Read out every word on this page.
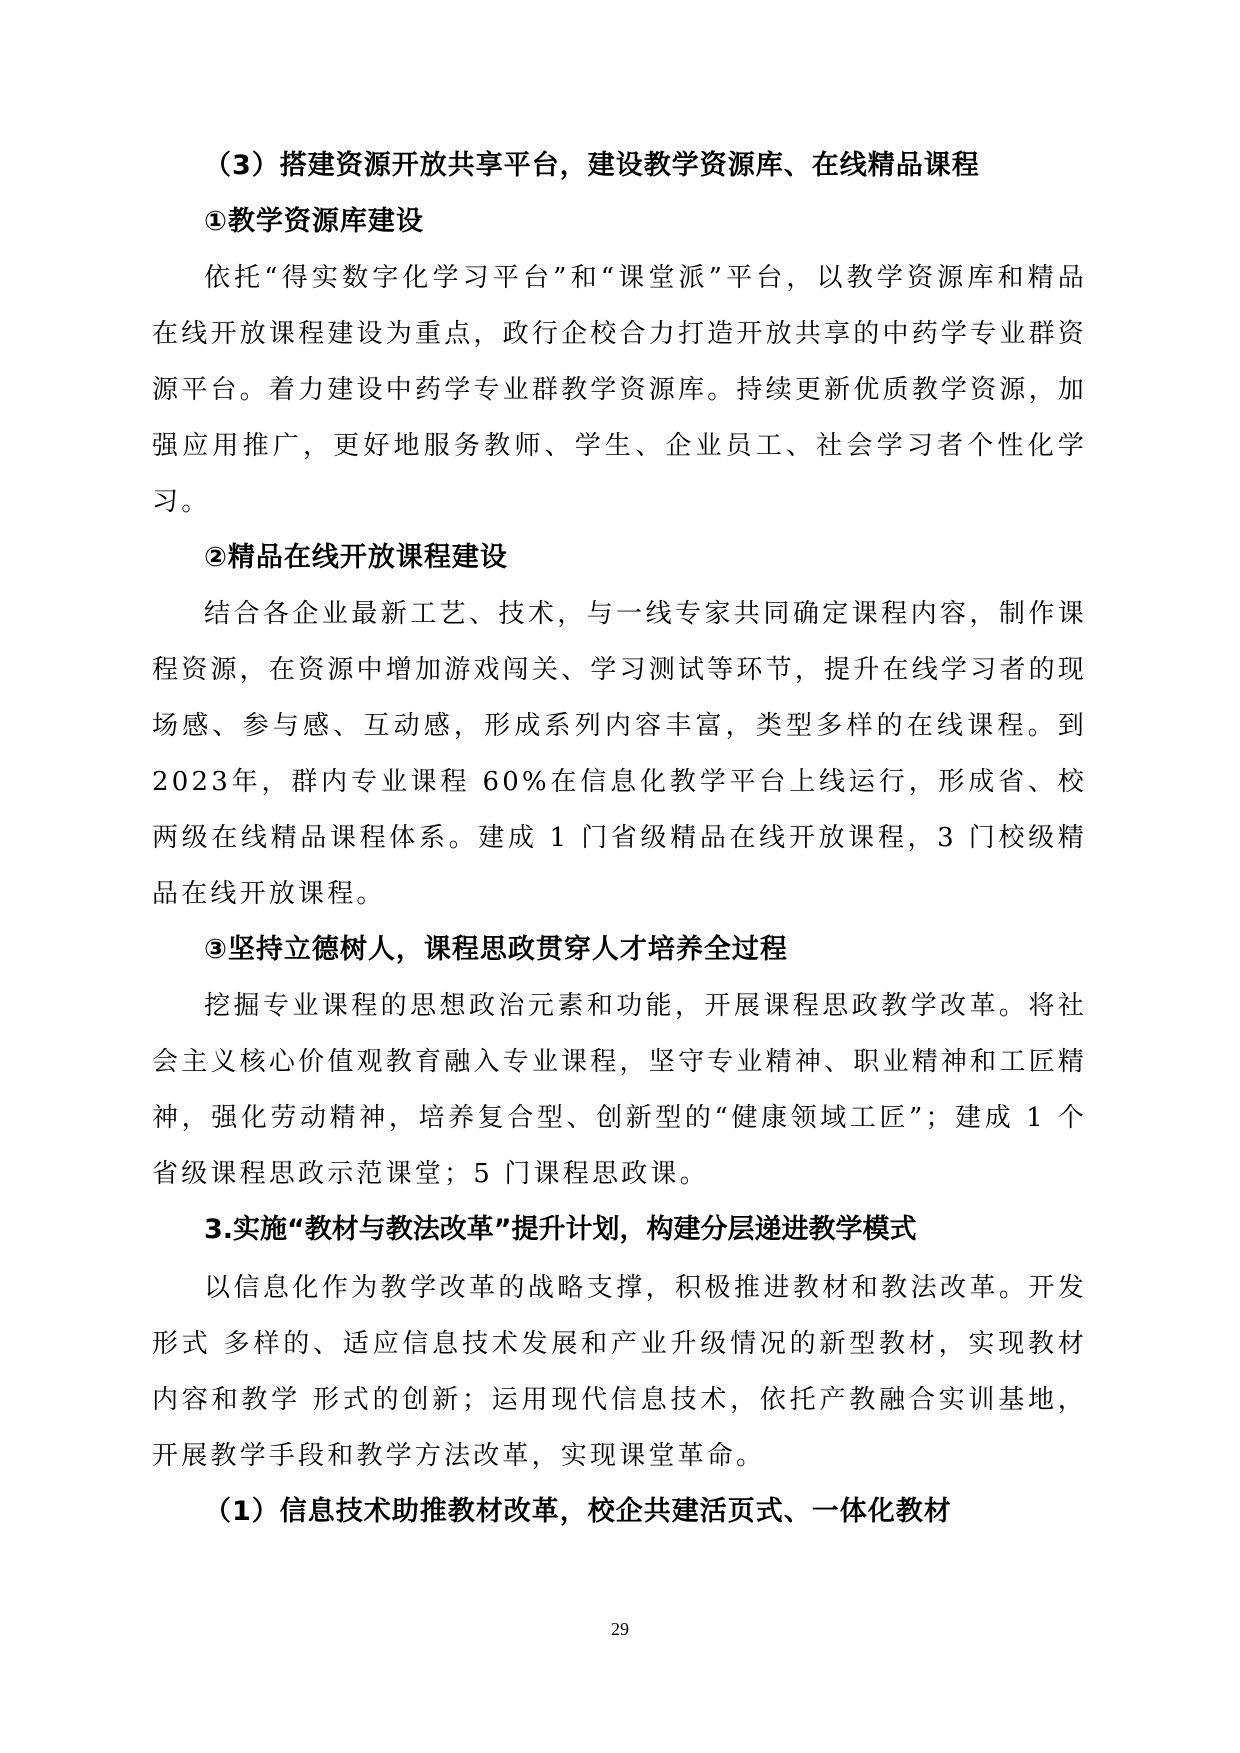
（3）搭建资源开放共享平台，建设教学资源库、在线精品课程

①教学资源库建设

依托“得实数字化学习平台”和“课堂派”平台，以教学资源库和精品在线开放课程建设为重点，政行企校合力打造开放共享的中药学专业群资源平台。着力建设中药学专业群教学资源库。持续更新优质教学资源，加强应用推广，更好地服务教师、学生、企业员工、社会学习者个性化学习。

②精品在线开放课程建设

结合各企业最新工艺、技术，与一线专家共同确定课程内容，制作课程资源，在资源中增加游戏闯关、学习测试等环节，提升在线学习者的现场感、参与感、互动感，形成系列内容丰富，类型多样的在线课程。到 2023年，群内专业课程 60%在信息化教学平台上线运行，形成省、校两级在线精品课程体系。建成 1 门省级精品在线开放课程，3 门校级精品在线开放课程。

③坚持立德树人，课程思政贯穿人才培养全过程

挖掘专业课程的思想政治元素和功能，开展课程思政教学改革。将社会主义核心价值观教育融入专业课程，坚守专业精神、职业精神和工匠精神，强化劳动精神，培养复合型、创新型的“健康领域工匠”；建成 1 个省级课程思政示范课堂；5 门课程思政课。

3.实施“教材与教法改革”提升计划，构建分层递进教学模式

以信息化作为教学改革的战略支撑，积极推进教材和教法改革。开发形式 多样的、适应信息技术发展和产业升级情况的新型教材，实现教材内容和教学 形式的创新；运用现代信息技术，依托产教融合实训基地，开展教学手段和教学方法改革，实现课堂革命。

（1）信息技术助推教材改革，校企共建活页式、一体化教材

29
